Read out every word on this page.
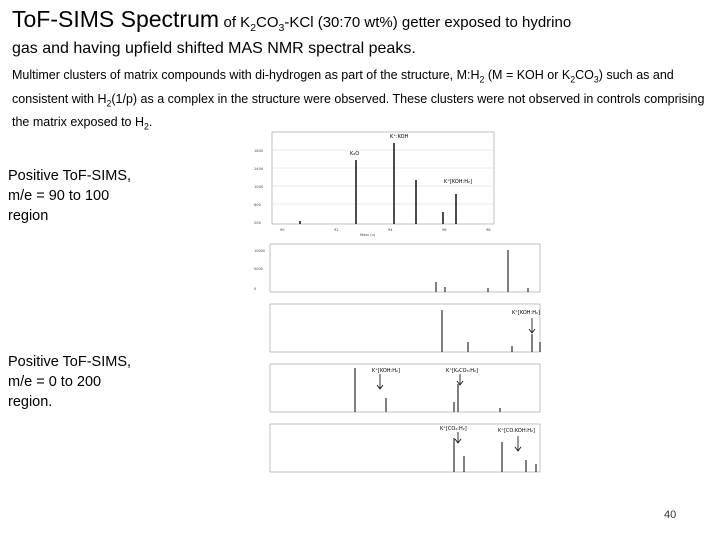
ToF-SIMS Spectrum of $K_2CO_3$-KCl (30:70 wt%) getter exposed to hydrino
gas and having upfield shifted MAS NMR spectral peaks.
Multimer clusters of matrix compounds with di-hydrogen as part of the structure, $M:H_2$ (M = KOH or $K_2CO_3$) such as and consistent with $H_2(1/p)$ as a complex in the structure were observed. These clusters were not observed in controls comprising the matrix exposed to $H_2$.
Positive ToF-SIMS, m/e = 90 to 100 region
Positive ToF-SIMS, m/e = 0 to 200 region.
1800
1400
1000
600
200
90	92	94	96	98
Mass (u)
K⁺:KOH
K₂O
K⁺[KOH:H₂]
10000
5000
0
K⁺[KOH:H₂]
K⁺[KOH:H₂]	K⁺[K₂CO₃:H₂]
K⁺[CO₂:H₂]	K⁺[CO:KOH:H₂]
40
